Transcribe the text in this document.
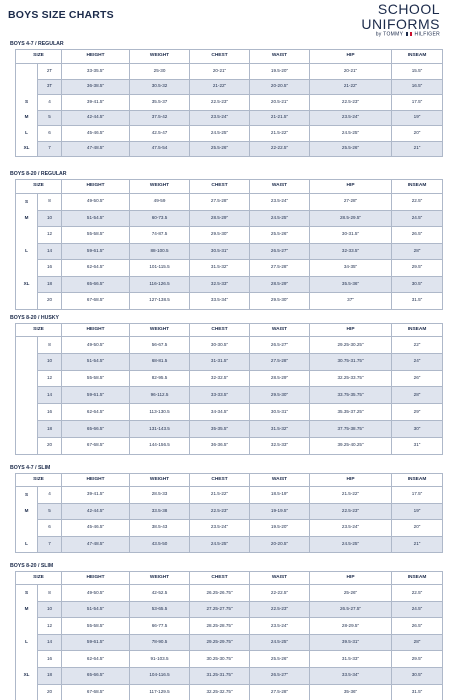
BOYS SIZE CHARTS	SCHOOL
UNIFORMS
by TOMMY HILFIGER
BOYS 4-7 / REGULAR
SIZE		HEIGHT	WEIGHT	CHEST	WAIST	HIP	INSEAM
	2T	33-35.5"	25-30	20-21"	19.5-20"	20-21"	15.5"
	3T	36-38.5"	30.5-32	21-22"	20-20.5"	21-22"	16.5"
S	4	39-41.5"	35.5-37	22.5-23"	20.5-21"	22.5-23"	17.5"
M	5	42-44.5"	37.5-42	23.5-24"	21-21.5"	23.5-24"	19"
L	6	45-46.5"	42.5-47	24.5-25"	21.5-22"	24.5-25"	20"
XL	7	47-48.5"	47.5-54	25.5-26"	22-22.5"	25.5-26"	21"
BOYS 8-20 / REGULAR
SIZE		HEIGHT	WEIGHT	CHEST	WAIST	HIP	INSEAM
S	8	49-50.5"	49-59	27.5-28"	23.5-24"	27-28"	22.5"
M	10	51-54.5"	60-73.5	28.5-29"	24.5-25"	28.5-29.5"	24.5"
	12	55-58.5"	74-87.5	29.5-30"	25.5-26"	30-31.5"	26.5"
L	14	59-61.5"	88-100.5	30.5-31"	26.5-27"	32-33.5"	28"
	16	62-64.5"	101-115.5	31.5-32"	27.5-28"	34-35"	29.5"
XL	18	65-66.5"	116-126.5	32.5-33"	28.5-29"	35.5-36"	30.5"
	20	67-68.5"	127-138.5	33.5-34"	29.5-30"	37"	31.5"
BOYS 8-20 / HUSKY
SIZE		HEIGHT	WEIGHT	CHEST	WAIST	HIP	INSEAM
	8	49-50.5"	56-67.5	30-30.5"	26.5-27"	29.25-30.25"	22"
	10	51-54.5"	68-81.5	31-31.5"	27.5-28"	30.75-31.75"	24"
	12	55-58.5"	82-95.5	32-32.5"	28.5-29"	32.25-33.75"	26"
	14	59-61.5"	96-112.5	33-33.5"	29.5-30"	33.75-35.75"	28"
	16	62-64.5"	113-130.5	34-34.5"	30.5-31"	35.35-37.25"	29"
	18	65-66.5"	131-143.5	35-35.5"	31.5-32"	37.75-38.75"	30"
	20	67-68.5"	144-156.5	36-36.5"	32.5-33"	39.25-40.25"	31"
BOYS 4-7 / SLIM
SIZE		HEIGHT	WEIGHT	CHEST	WAIST	HIP	INSEAM
S	4	39-41.5"	28.5-33	21.5-22"	18.5-19"	21.5-22"	17.5"
M	5	42-44.5"	33.5-38	22.5-23"	19-19.5"	22.5-23"	19"
	6	45-46.5"	38.5-43	23.5-24"	19.5-20"	23.5-24"	20"
L	7	47-48.5"	43.5-50	24.5-25"	20-20.5"	24.5-25"	21"
BOYS 8-20 / SLIM
SIZE		HEIGHT	WEIGHT	CHEST	WAIST	HIP	INSEAM
S	8	49-50.5"	42-52.5	26.25-26.75"	22-22.5"	25-26"	22.5"
M	10	51-54.5"	53-65.5	27.25-27.75"	22.5-23"	26.5-27.5"	24.5"
	12	55-58.5"	66-77.5	28.25-28.75"	23.5-24"	28-29.5"	26.5"
L	14	59-61.5"	78-90.5	29.25-29.75"	24.5-25"	39.5-31"	28"
	16	62-64.5"	91-103.5	30.25-30.75"	25.5-26"	31.5-33"	29.5"
XL	18	65-66.5"	104-116.5	31.25-31.75"	26.5-27"	33.5-34"	30.5"
	20	67-68.5"	117-129.5	32.25-32.75"	27.5-28"	35-36"	31.5"
